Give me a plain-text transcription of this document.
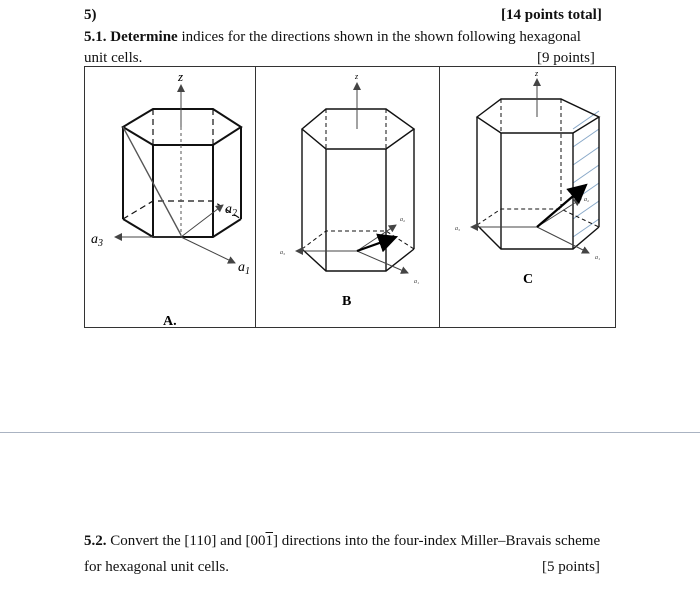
5)	[14 points total]
5.1. Determine indices for the directions shown in the shown following hexagonal
unit cells.	[9 points]
z
$a_1$
$a_2$
$a_3$
A.
z
a₃
a₁
a₂
B
z
a₃
a₁
a₂
C
5.2. Convert the [110] and [001] directions into the four-index Miller–Bravais scheme
for hexagonal unit cells.	[5 points]
